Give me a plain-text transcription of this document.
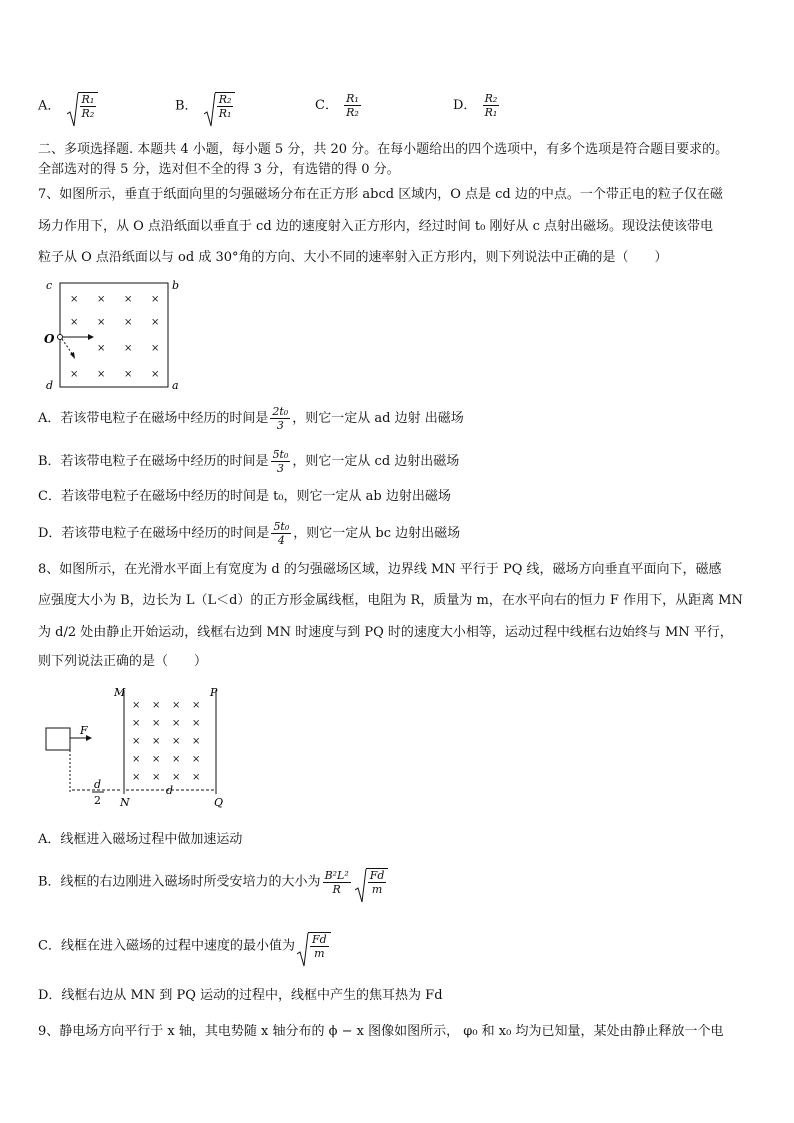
A． $\frac{\text{R₁}}{\text{R₂}}$	B． $\frac{\text{R₂}}{\text{R₁}}$	C． $\frac{\text{R₁}}{\text{R₂}}$	D． $\frac{\text{R₂}}{\text{R₁}}$
二、多项选择题. 本题共 4 小题，每小题 5 分，共 20 分。在每小题给出的四个选项中，有多个选项是符合题目要求的。
全部选对的得 5 分，选对但不全的得 3 分，有选错的得 0 分。
7、如图所示，垂直于纸面向里的匀强磁场分布在正方形 abcd 区域内，O 点是 cd 边的中点。一个带正电的粒子仅在磁
场力作用下，从 O 点沿纸面以垂直于 cd 边的速度射入正方形内，经过时间 t₀ 刚好从 c 点射出磁场。现设法使该带电
粒子从 O 点沿纸面以与 od 成 30°角的方向、大小不同的速率射入正方形内，则下列说法中正确的是（　　）
c	b
O
d	a
× × × ×
× × × ×
× × ×
× × × ×
A．若该带电粒子在磁场中经历的时间是 $\frac{\text{2t₀}}{3}$ ，则它一定从 ad 边射 出磁场
B．若该带电粒子在磁场中经历的时间是 $\frac{\text{5t₀}}{3}$ ，则它一定从 cd 边射出磁场
C．若该带电粒子在磁场中经历的时间是 t₀，则它一定从 ab 边射出磁场
D．若该带电粒子在磁场中经历的时间是 $\frac{\text{5t₀}}{4}$ ，则它一定从 bc 边射出磁场
8、如图所示，在光滑水平面上有宽度为 d 的匀强磁场区域，边界线 MN 平行于 PQ 线，磁场方向垂直平面向下，磁感
应强度大小为 B，边长为 L（L＜d）的正方形金属线框，电阻为 R，质量为 m，在水平向右的恒力 F 作用下，从距离 MN
为 d/2 处由静止开始运动，线框右边到 MN 时速度与到 PQ 时的速度大小相等，运动过程中线框右边始终与 MN 平行，
则下列说法正确的是（　　）
M	P
× × × ×
× × × ×
× × × ×
× × × ×
× × × ×
F
d
2
d
N	Q
A．线框进入磁场过程中做加速运动
B．线框的右边刚进入磁场时所受安培力的大小为 $\frac{\text{B²L²}}{R} \frac{Fd}{m}$
C．线框在进入磁场的过程中速度的最小值为 $\frac{Fd}{m}$
D．线框右边从 MN 到 PQ 运动的过程中，线框中产生的焦耳热为 Fd
9、静电场方向平行于 x 轴，其电势随 x 轴分布的 ϕ − x 图像如图所示， φ₀ 和 x₀ 均为已知量，某处由静止释放一个电
